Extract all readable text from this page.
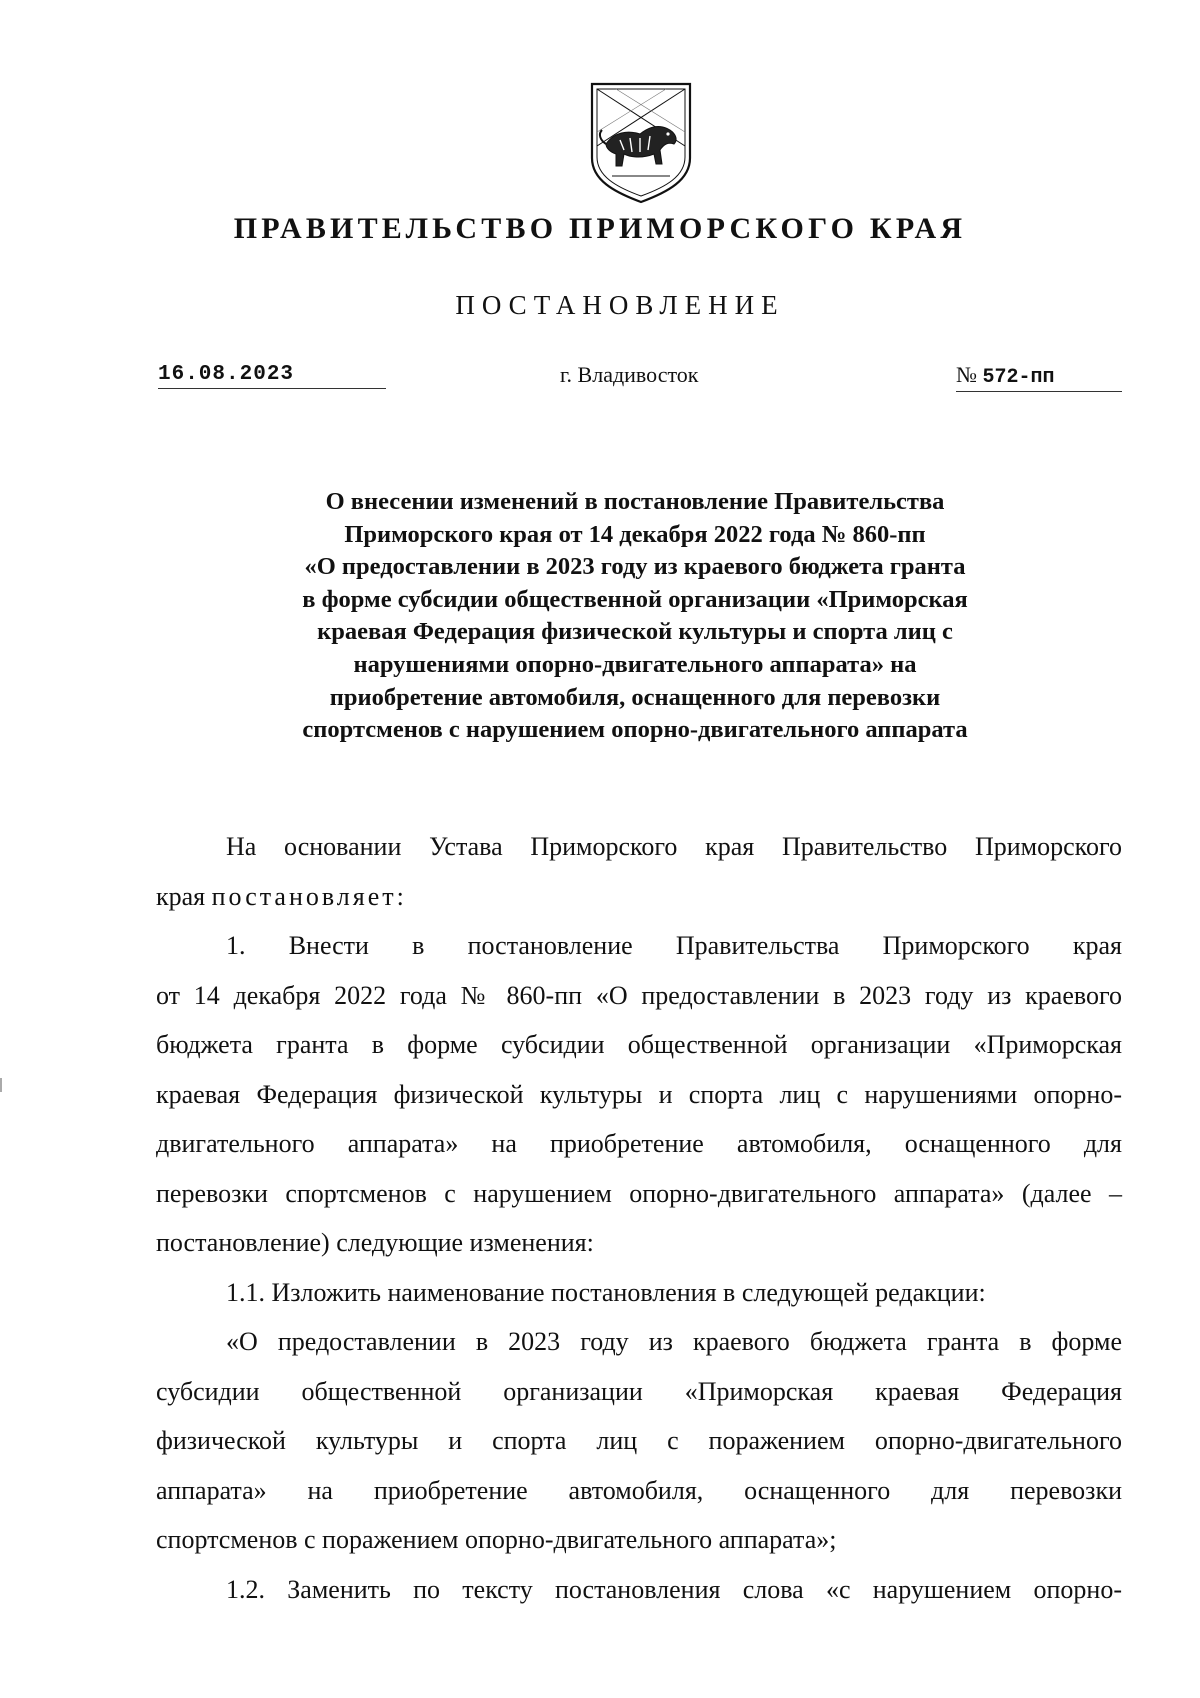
ПРАВИТЕЛЬСТВО ПРИМОРСКОГО КРАЯ
ПОСТАНОВЛЕНИЕ
16.08.2023	г. Владивосток	№ 572-пп
О внесении изменений в постановление Правительства
Приморского края от 14 декабря 2022 года № 860-пп
«О предоставлении в 2023 году из краевого бюджета гранта
в форме субсидии общественной организации «Приморская
краевая Федерация физической культуры и спорта лиц с
нарушениями опорно-двигательного аппарата» на
приобретение автомобиля, оснащенного для перевозки
спортсменов с нарушением опорно-двигательного аппарата
На основании Устава Приморского края Правительство Приморского
края постановляет:
1. Внести в постановление Правительства Приморского края
от 14 декабря 2022 года № 860-пп «О предоставлении в 2023 году из краевого
бюджета гранта в форме субсидии общественной организации «Приморская
краевая Федерация физической культуры и спорта лиц с нарушениями опорно-
двигательного аппарата» на приобретение автомобиля, оснащенного для
перевозки спортсменов с нарушением опорно-двигательного аппарата» (далее –
постановление) следующие изменения:
1.1. Изложить наименование постановления в следующей редакции:
«О предоставлении в 2023 году из краевого бюджета гранта в форме
субсидии общественной организации «Приморская краевая Федерация
физической культуры и спорта лиц с поражением опорно-двигательного
аппарата» на приобретение автомобиля, оснащенного для перевозки
спортсменов с поражением опорно-двигательного аппарата»;
1.2. Заменить по тексту постановления слова «с нарушением опорно-
